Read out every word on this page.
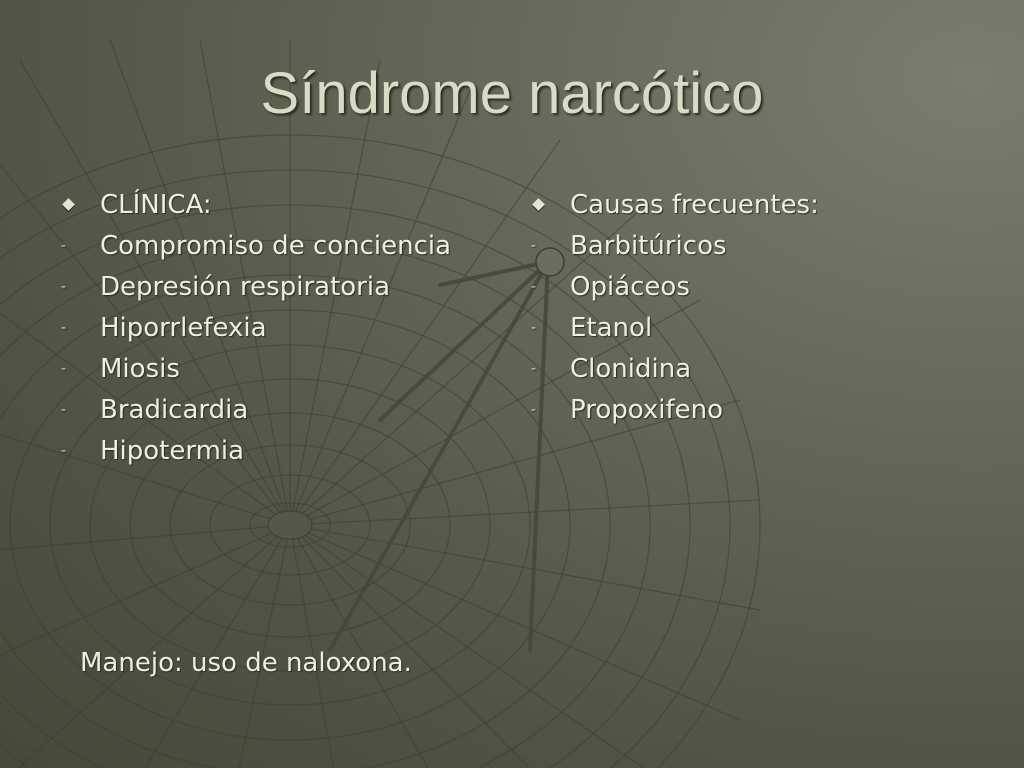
Síndrome narcótico
CLÍNICA:
- Compromiso de conciencia
- Depresión respiratoria
- Hiporrlefexia
- Miosis
- Bradicardia
- Hipotermia
Causas frecuentes:
- Barbitúricos
- Opiáceos
- Etanol
- Clonidina
- Propoxifeno
Manejo: uso de naloxona.
